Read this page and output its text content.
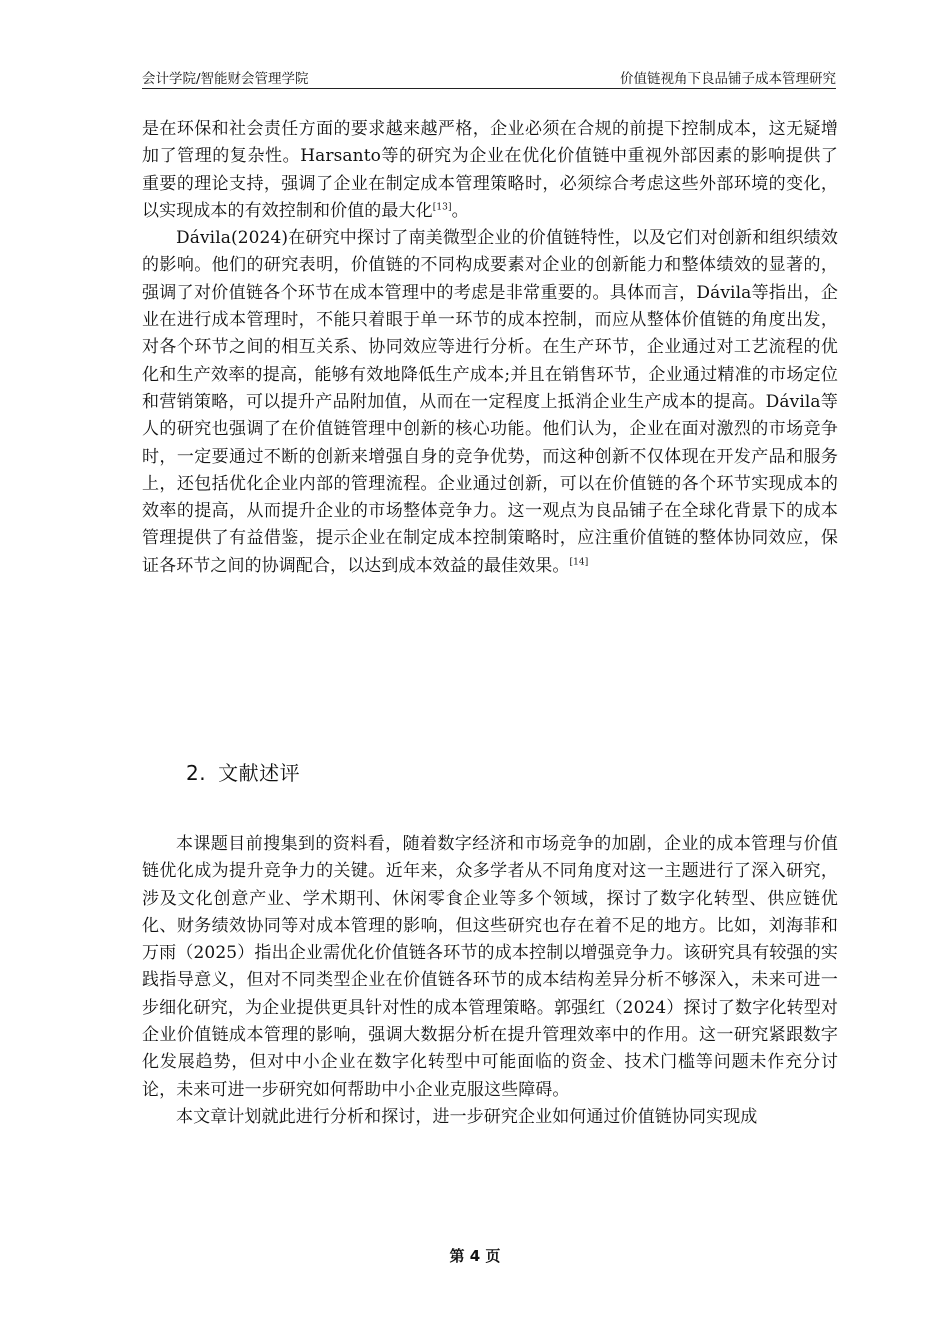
会计学院/智能财会管理学院	价值链视角下良品铺子成本管理研究

是在环保和社会责任方面的要求越来越严格，企业必须在合规的前提下控制成本，这无疑增加了管理的复杂性。Harsanto等的研究为企业在优化价值链中重视外部因素的影响提供了重要的理论支持，强调了企业在制定成本管理策略时，必须综合考虑这些外部环境的变化，以实现成本的有效控制和价值的最大化[13]。

Dávila(2024)在研究中探讨了南美微型企业的价值链特性，以及它们对创新和组织绩效的影响。他们的研究表明，价值链的不同构成要素对企业的创新能力和整体绩效的显著的，强调了对价值链各个环节在成本管理中的考虑是非常重要的。具体而言，Dávila等指出，企业在进行成本管理时，不能只着眼于单一环节的成本控制，而应从整体价值链的角度出发，对各个环节之间的相互关系、协同效应等进行分析。在生产环节，企业通过对工艺流程的优化和生产效率的提高，能够有效地降低生产成本;并且在销售环节，企业通过精准的市场定位和营销策略，可以提升产品附加值，从而在一定程度上抵消企业生产成本的提高。Dávila等人的研究也强调了在价值链管理中创新的核心功能。他们认为，企业在面对激烈的市场竞争时，一定要通过不断的创新来增强自身的竞争优势，而这种创新不仅体现在开发产品和服务上，还包括优化企业内部的管理流程。企业通过创新，可以在价值链的各个环节实现成本的效率的提高，从而提升企业的市场整体竞争力。这一观点为良品铺子在全球化背景下的成本管理提供了有益借鉴，提示企业在制定成本控制策略时，应注重价值链的整体协同效应，保证各环节之间的协调配合，以达到成本效益的最佳效果。[14]

2. 文献述评

本课题目前搜集到的资料看，随着数字经济和市场竞争的加剧，企业的成本管理与价值链优化成为提升竞争力的关键。近年来，众多学者从不同角度对这一主题进行了深入研究，涉及文化创意产业、学术期刊、休闲零食企业等多个领域，探讨了数字化转型、供应链优化、财务绩效协同等对成本管理的影响，但这些研究也存在着不足的地方。比如，刘海菲和万雨（2025）指出企业需优化价值链各环节的成本控制以增强竞争力。该研究具有较强的实践指导意义，但对不同类型企业在价值链各环节的成本结构差异分析不够深入，未来可进一步细化研究，为企业提供更具针对性的成本管理策略。郭强红（2024）探讨了数字化转型对企业价值链成本管理的影响，强调大数据分析在提升管理效率中的作用。这一研究紧跟数字化发展趋势，但对中小企业在数字化转型中可能面临的资金、技术门槛等问题未作充分讨论，未来可进一步研究如何帮助中小企业克服这些障碍。

本文章计划就此进行分析和探讨，进一步研究企业如何通过价值链协同实现成

第 4 页
